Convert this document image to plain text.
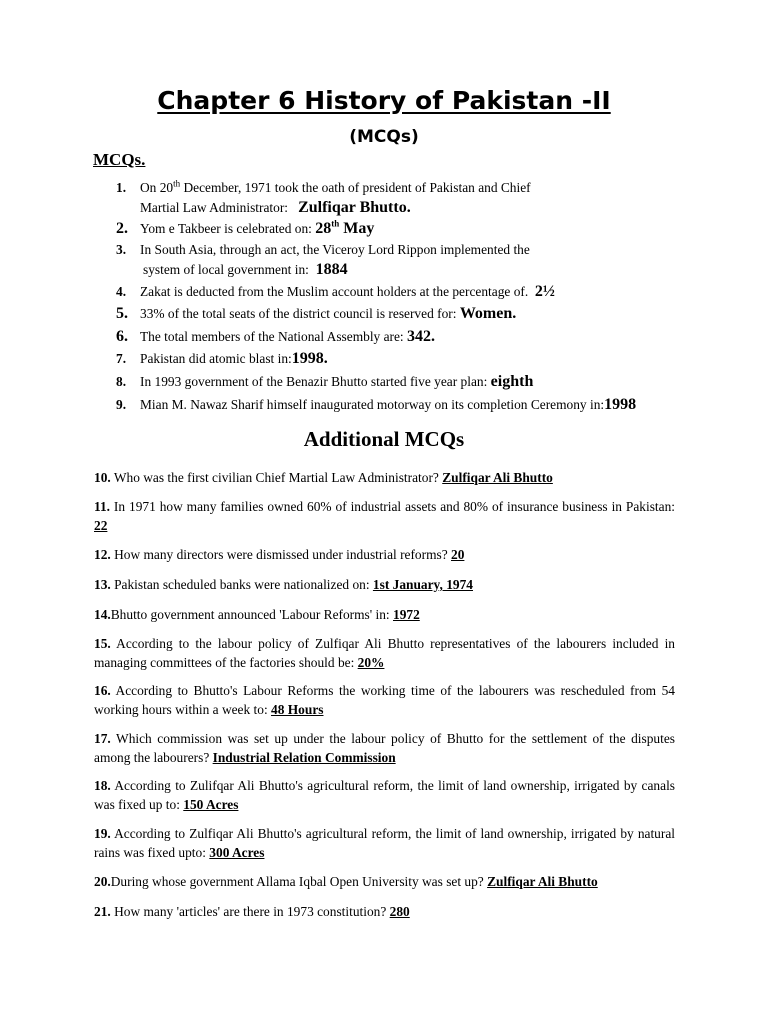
Chapter 6 History of Pakistan -II
(MCQs)
MCQs.
1. On 20th December, 1971 took the oath of president of Pakistan and Chief
Martial Law Administrator: Zulfiqar Bhutto.
2. Yom e Takbeer is celebrated on: 28th May
3. In South Asia, through an act, the Viceroy Lord Rippon implemented the
system of local government in: 1884
4. Zakat is deducted from the Muslim account holders at the percentage of. 2½
5. 33% of the total seats of the district council is reserved for: Women.
6. The total members of the National Assembly are: 342.
7. Pakistan did atomic blast in:1998.
8. In 1993 government of the Benazir Bhutto started five year plan: eighth
9. Mian M. Nawaz Sharif himself inaugurated motorway on its completion Ceremony in:1998
Additional MCQs
10. Who was the first civilian Chief Martial Law Administrator? Zulfiqar Ali Bhutto
11. In 1971 how many families owned 60% of industrial assets and 80% of insurance business in Pakistan: 22
12. How many directors were dismissed under industrial reforms? 20
13. Pakistan scheduled banks were nationalized on: 1st January, 1974
14.Bhutto government announced 'Labour Reforms' in: 1972
15. According to the labour policy of Zulfiqar Ali Bhutto representatives of the labourers included in managing committees of the factories should be: 20%
16. According to Bhutto's Labour Reforms the working time of the labourers was rescheduled from 54 working hours within a week to: 48 Hours
17. Which commission was set up under the labour policy of Bhutto for the settlement of the disputes among the labourers? Industrial Relation Commission
18. According to Zulifqar Ali Bhutto's agricultural reform, the limit of land ownership, irrigated by canals was fixed up to: 150 Acres
19. According to Zulfiqar Ali Bhutto's agricultural reform, the limit of land ownership, irrigated by natural rains was fixed upto: 300 Acres
20.During whose government Allama Iqbal Open University was set up? Zulfiqar Ali Bhutto
21. How many 'articles' are there in 1973 constitution? 280
